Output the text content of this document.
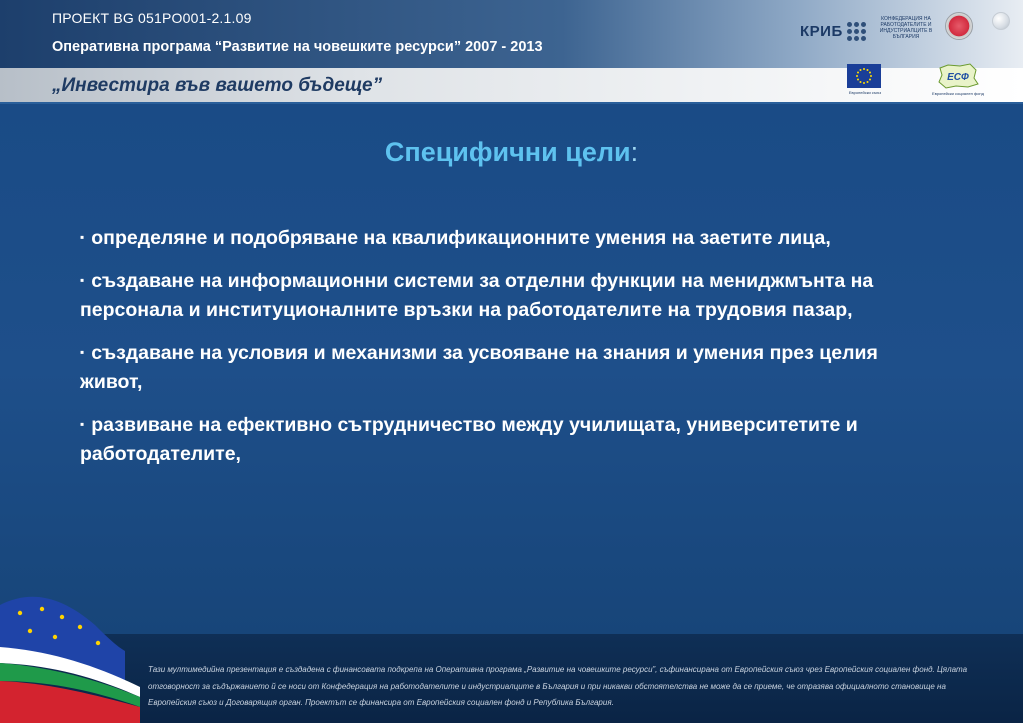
ПРОЕКТ BG 051PO001-2.1.09
Оперативна програма “Развитие на човешките ресурси” 2007 - 2013
КРИБ
КОНФЕДЕРАЦИЯ НА РАБОТОДАТЕЛИТЕ И ИНДУСТРИАЛЦИТЕ В БЪЛГАРИЯ
„Инвестира във вашето бъдеще”	Европейски съюз
ЕСФ
Европейски социален фонд
Специфични цели:
▪ определяне и подобряване на квалификационните умения на заетите лица,
▪ създаване на информационни системи за отделни функции на мениджмънта на персонала и институционалните връзки на работодателите на трудовия пазар,
▪ създаване на условия и механизми за усвояване на знания и умения през целия живот,
▪ развиване на ефективно сътрудничество между училищата, университетите и работодателите,
Тази мултимедийна презентация е създадена с финансовата подкрепа на Оперативна програма „Развитие на човешките ресурси”, съфинансирана от Европейския съюз чрез Европейския социален фонд. Цялата отговорност за съдържанието й се носи от Конфедерация на работодателите и индустриалците в България и при никакви обстоятелства не може да се приеме, че отразява официалното становище на Европейския съюз и Договарящия орган. Проектът се финансира от Европейския социален фонд и Република България.
